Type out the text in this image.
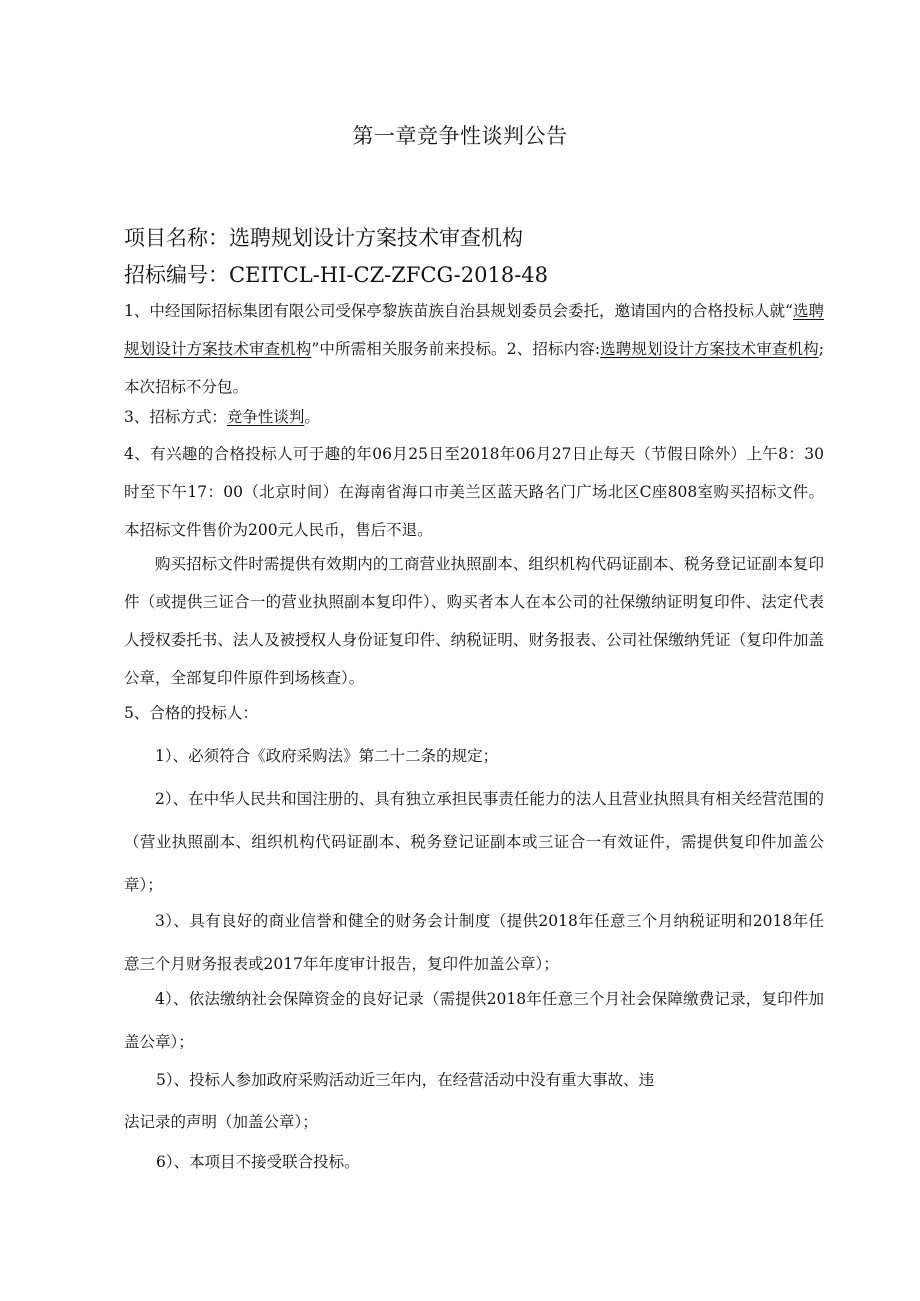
第一章竞争性谈判公告
项目名称：选聘规划设计方案技术审查机构
招标编号：CEITCL-HI-CZ-ZFCG-2018-48
1、中经国际招标集团有限公司受保亭黎族苗族自治县规划委员会委托，邀请国内的合格投标人就“选聘规划设计方案技术审查机构”中所需相关服务前来投标。2、招标内容:选聘规划设计方案技术审查机构;本次招标不分包。
3、招标方式：竞争性谈判。
4、有兴趣的合格投标人可于趣的年06月25日至2018年06月27日止每天（节假日除外）上午8：30时至下午17：00（北京时间）在海南省海口市美兰区蓝天路名门广场北区C座808室购买招标文件。本招标文件售价为200元人民币，售后不退。
购买招标文件时需提供有效期内的工商营业执照副本、组织机构代码证副本、税务登记证副本复印件（或提供三证合一的营业执照副本复印件）、购买者本人在本公司的社保缴纳证明复印件、法定代表人授权委托书、法人及被授权人身份证复印件、纳税证明、财务报表、公司社保缴纳凭证（复印件加盖公章，全部复印件原件到场核查）。
5、合格的投标人：
1）、必须符合《政府采购法》第二十二条的规定；
2）、在中华人民共和国注册的、具有独立承担民事责任能力的法人且营业执照具有相关经营范围的（营业执照副本、组织机构代码证副本、税务登记证副本或三证合一有效证件，需提供复印件加盖公章）；
3）、具有良好的商业信誉和健全的财务会计制度（提供2018年任意三个月纳税证明和2018年任意三个月财务报表或2017年年度审计报告，复印件加盖公章）；
4）、依法缴纳社会保障资金的良好记录（需提供2018年任意三个月社会保障缴费记录，复印件加盖公章）；
5）、投标人参加政府采购活动近三年内，在经营活动中没有重大事故、违
法记录的声明（加盖公章）；
6）、本项目不接受联合投标。
